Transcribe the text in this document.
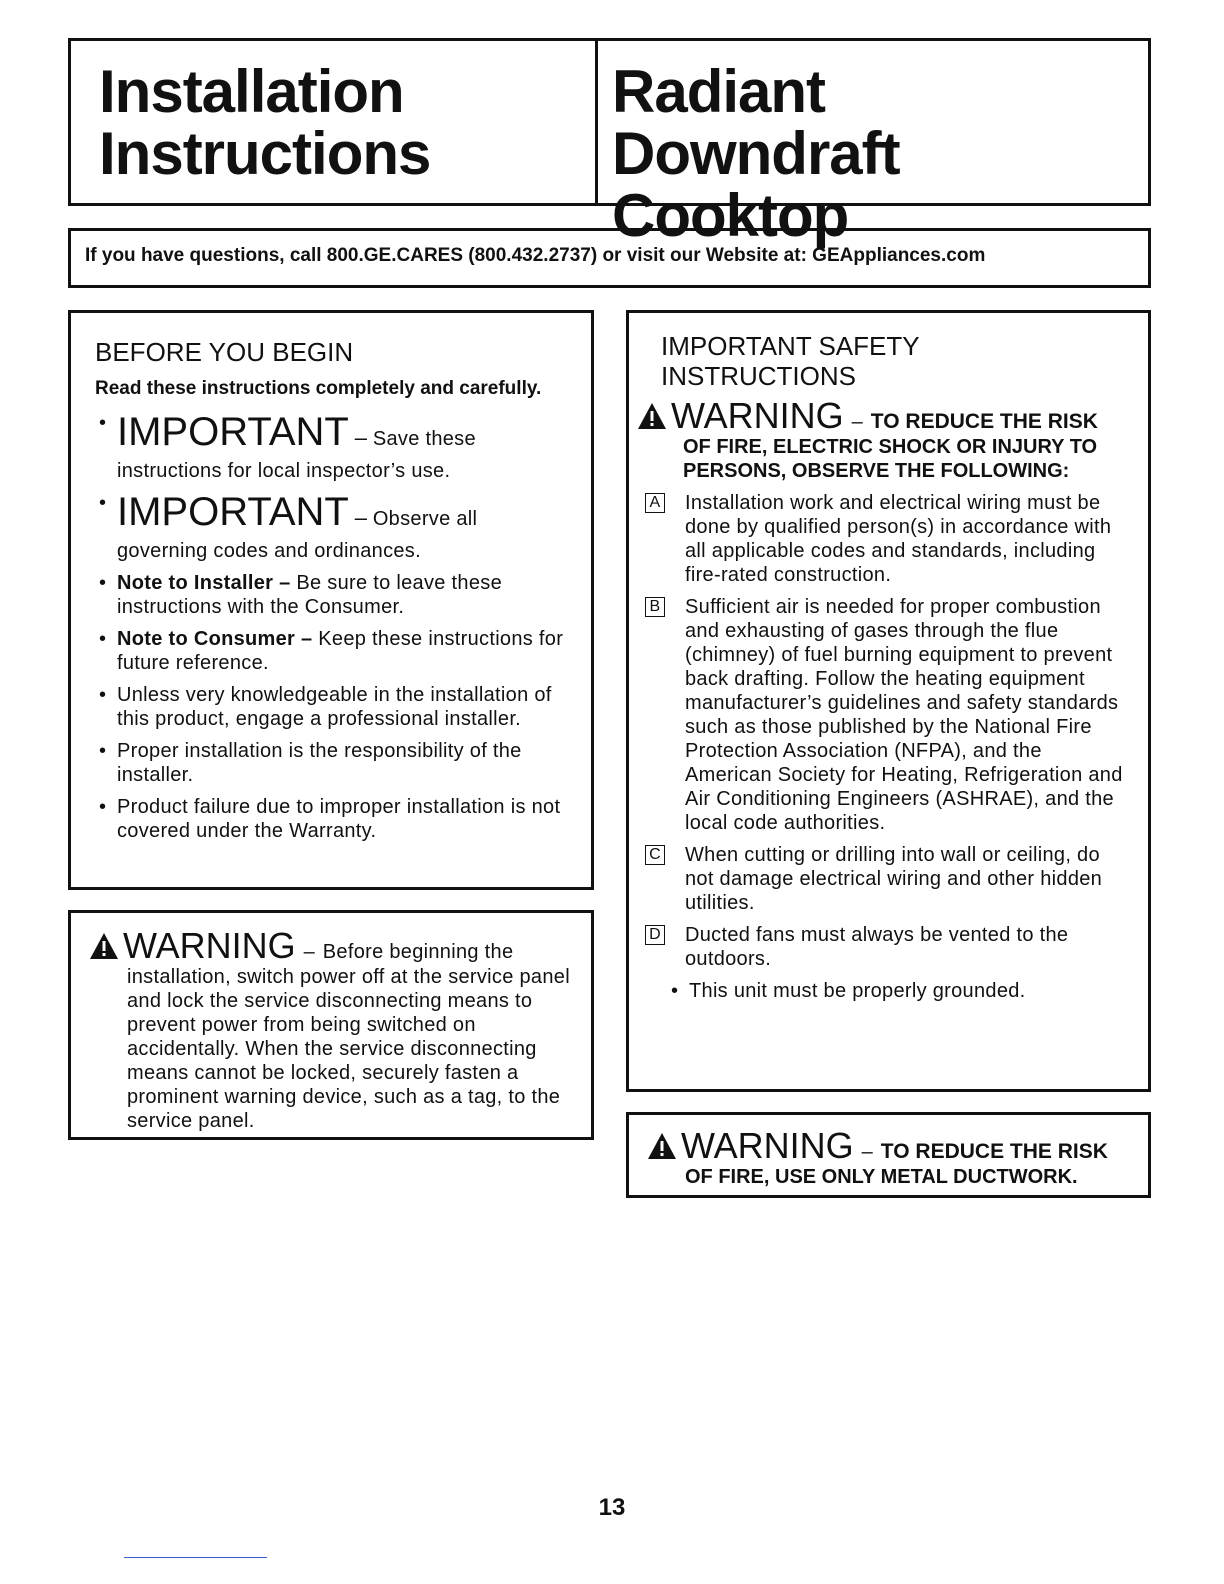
Installation
Instructions
Radiant
Downdraft Cooktop
If you have questions, call 800.GE.CARES (800.432.2737) or visit our Website at: GEAppliances.com
BEFORE YOU BEGIN

Read these instructions completely and carefully.

• IMPORTANT – Save these
instructions for local inspector’s use.
• IMPORTANT – Observe all
governing codes and ordinances.
• Note to Installer – Be sure to leave these instructions with the Consumer.
• Note to Consumer – Keep these instructions for future reference.
• Unless very knowledgeable in the installation of this product, engage a professional installer.
• Proper installation is the responsibility of the installer.
• Product failure due to improper installation is not covered under the Warranty.
WARNING – Before beginning the
installation, switch power off at the service panel and lock the service disconnecting means to prevent power from being switched on accidentally. When the service disconnecting means cannot be locked, securely fasten a prominent warning device, such as a tag, to the service panel.
IMPORTANT SAFETY
INSTRUCTIONS
WARNING – TO REDUCE THE RISK
OF FIRE, ELECTRIC SHOCK OR INJURY TO PERSONS, OBSERVE THE FOLLOWING:
A Installation work and electrical wiring must be done by qualified person(s) in accordance with all applicable codes and standards, including fire-rated construction.
B Sufficient air is needed for proper combustion and exhausting of gases through the flue (chimney) of fuel burning equipment to prevent back drafting. Follow the heating equipment manufacturer’s guidelines and safety standards such as those published by the National Fire Protection Association (NFPA), and the American Society for Heating, Refrigeration and Air Conditioning Engineers (ASHRAE), and the local code authorities.
C When cutting or drilling into wall or ceiling, do not damage electrical wiring and other hidden utilities.
D Ducted fans must always be vented to the outdoors.
• This unit must be properly grounded.
WARNING – TO REDUCE THE RISK
OF FIRE, USE ONLY METAL DUCTWORK.
13
